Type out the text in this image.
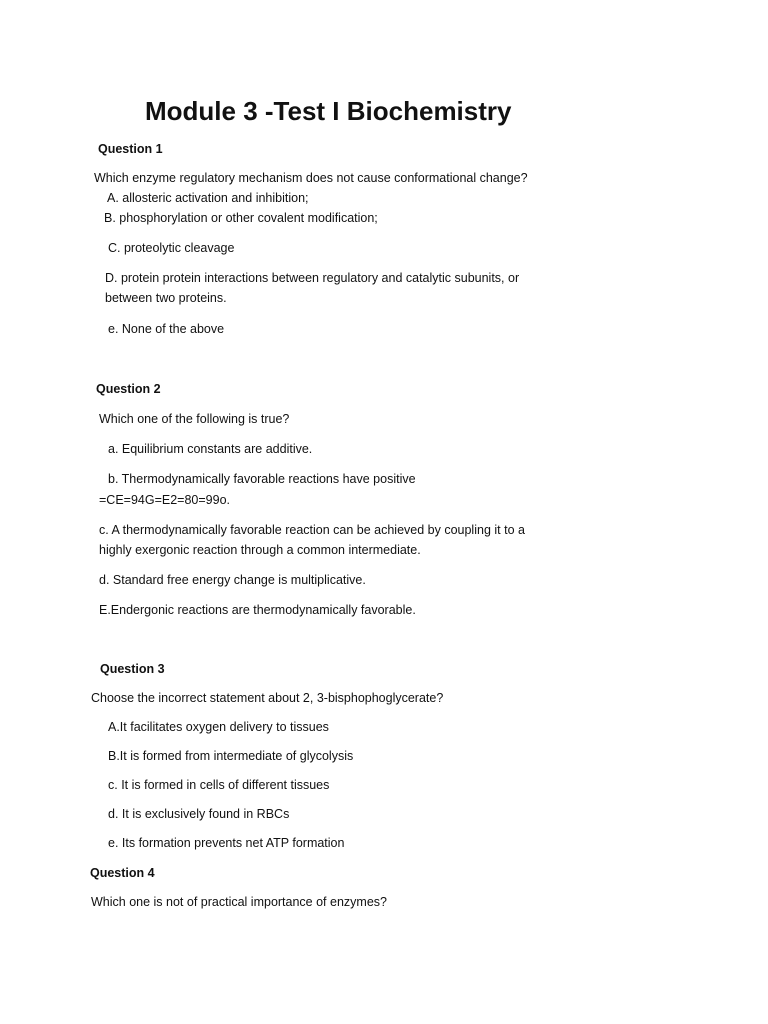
Module 3 -Test I Biochemistry
Question 1
Which enzyme regulatory mechanism does not cause conformational change?
A. allosteric activation and inhibition;
B. phosphorylation or other covalent modification;
C. proteolytic cleavage
D. protein protein interactions between regulatory and catalytic subunits, or
between two proteins.
e. None of the above
Question 2
Which one of the following is true?
a. Equilibrium constants are additive.
b. Thermodynamically favorable reactions have positive
=CE=94G=E2=80=99o.
c. A thermodynamically favorable reaction can be achieved by coupling it to a
highly exergonic reaction through a common intermediate.
d. Standard free energy change is multiplicative.
E.Endergonic reactions are thermodynamically favorable.
Question 3
Choose the incorrect statement about 2, 3-bisphophoglycerate?
A.It facilitates oxygen delivery to tissues
B.It is formed from intermediate of glycolysis
c. It is formed in cells of different tissues
d. It is exclusively found in RBCs
e. Its formation prevents net ATP formation
Question 4
Which one is not of practical importance of enzymes?
